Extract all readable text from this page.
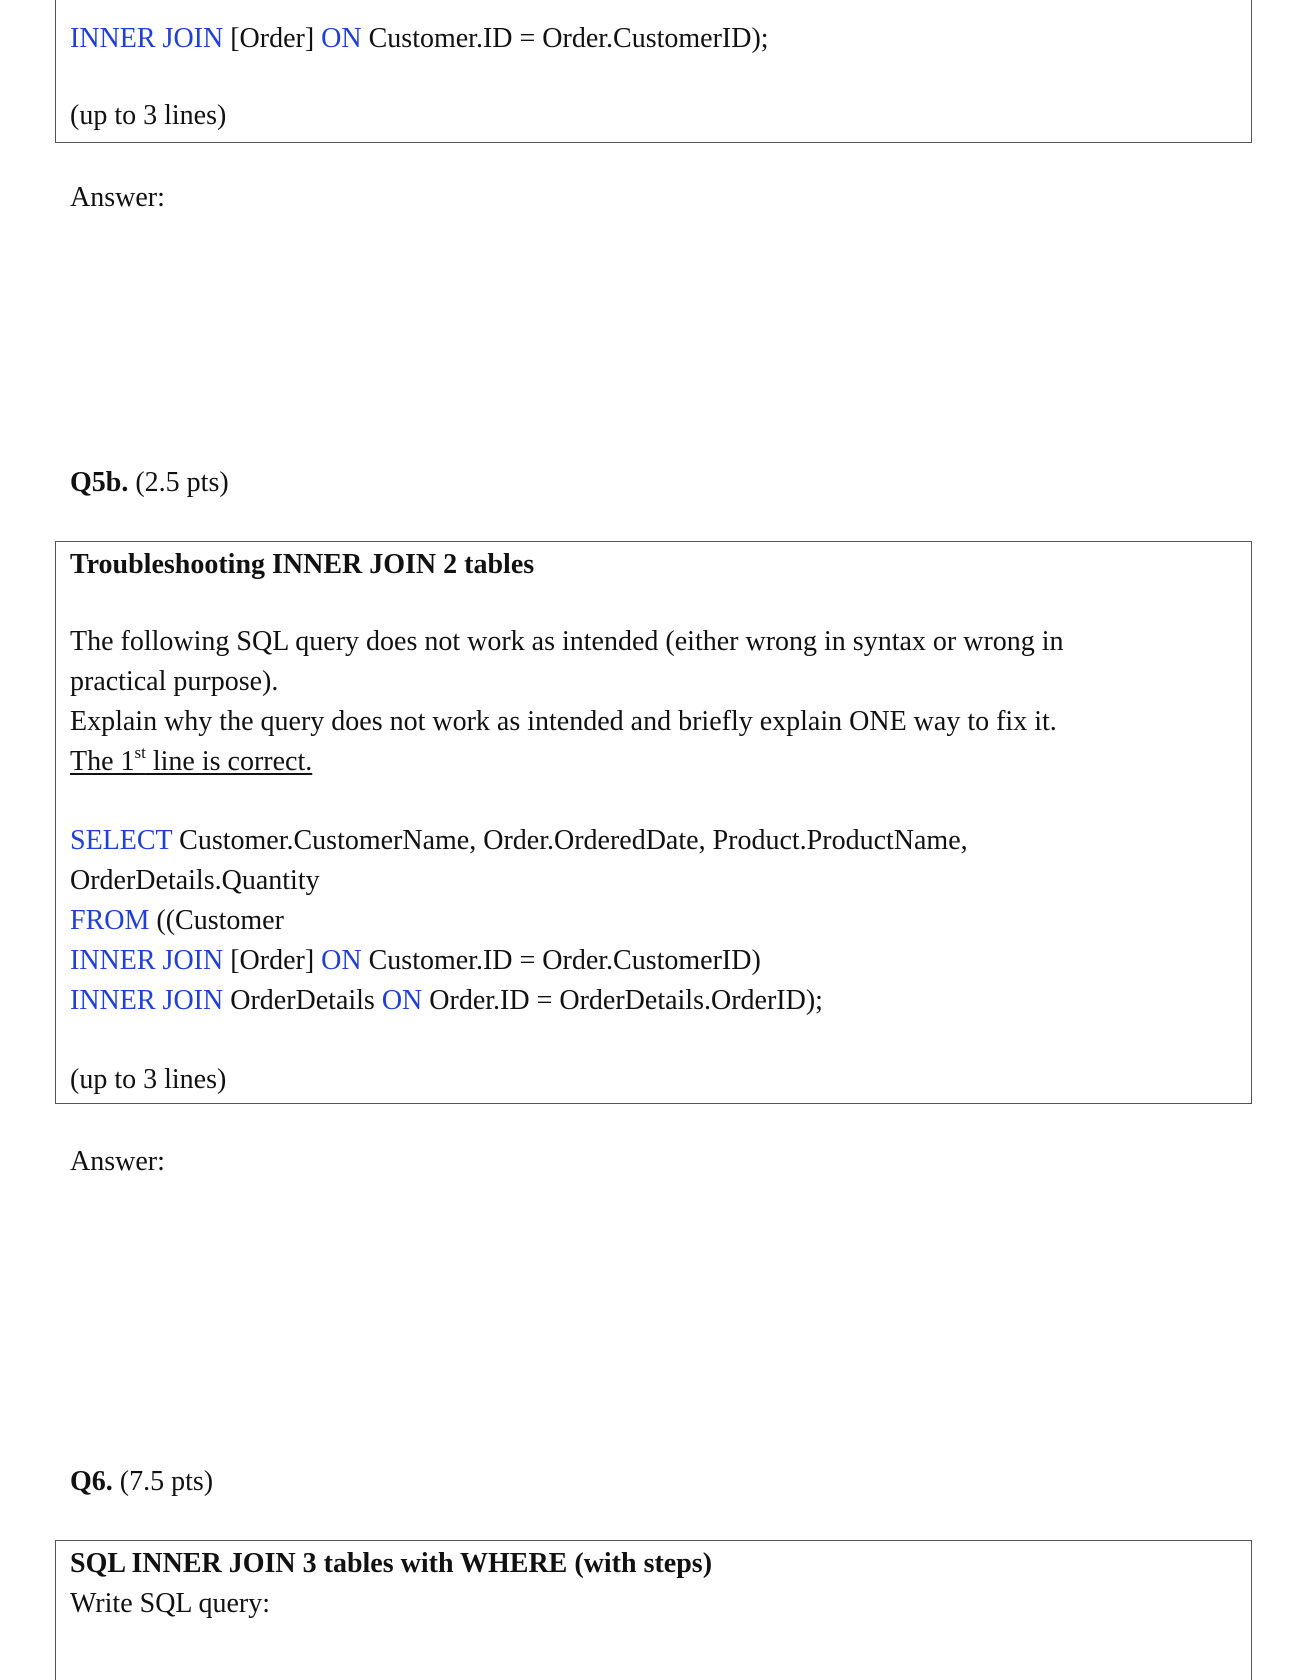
INNER JOIN [Order] ON Customer.ID = Order.CustomerID);
(up to 3 lines)
Answer:
Q5b. (2.5 pts)
Troubleshooting INNER JOIN 2 tables
The following SQL query does not work as intended (either wrong in syntax or wrong in
practical purpose).
Explain why the query does not work as intended and briefly explain ONE way to fix it.
The 1st line is correct.
SELECT Customer.CustomerName, Order.OrderedDate, Product.ProductName,
OrderDetails.Quantity
FROM ((Customer
INNER JOIN [Order] ON Customer.ID = Order.CustomerID)
INNER JOIN OrderDetails ON Order.ID = OrderDetails.OrderID);
(up to 3 lines)
Answer:
Q6. (7.5 pts)
SQL INNER JOIN 3 tables with WHERE (with steps)
Write SQL query:
